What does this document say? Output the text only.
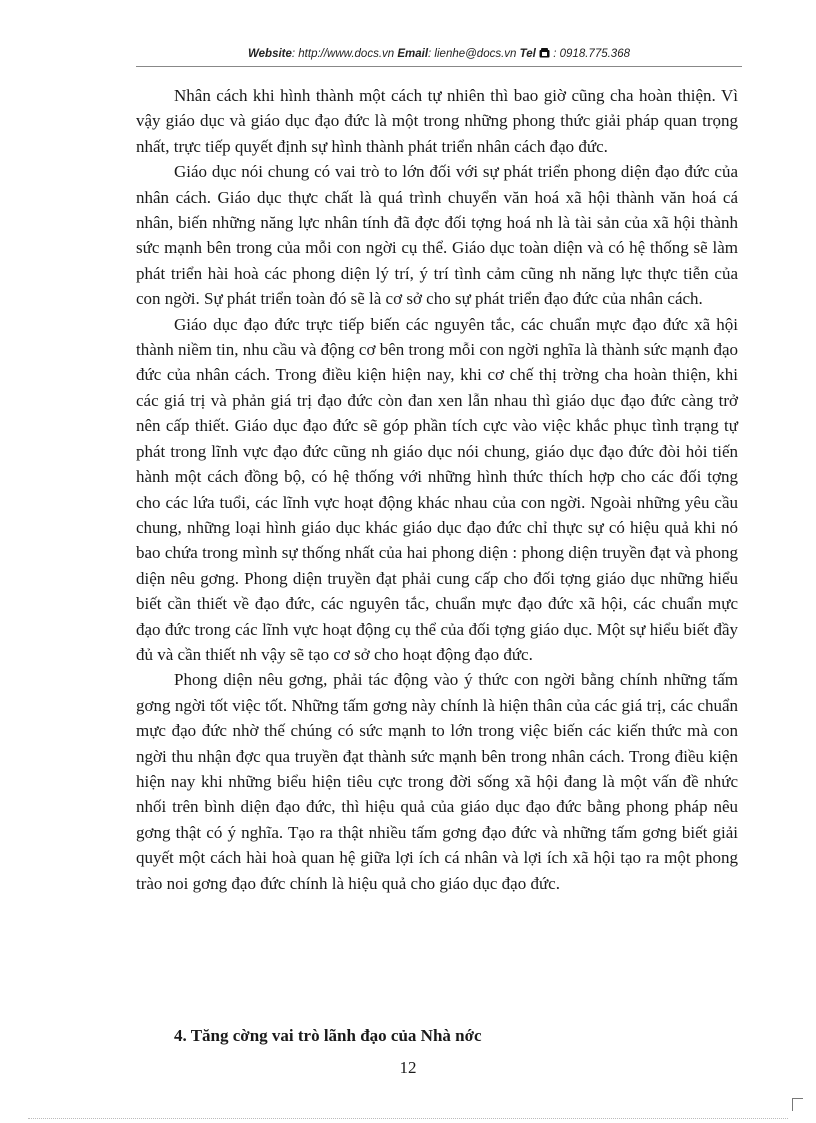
Website: http://www.docs.vn Email: lienhe@docs.vn Tel : 0918.775.368

Nhân cách khi hình thành một cách tự nhiên thì bao giờ cũng cha hoàn thiện. Vì vậy giáo dục và giáo dục đạo đức là một trong những phong thức giải pháp quan trọng nhất, trực tiếp quyết định sự hình thành phát triển nhân cách đạo đức.

Giáo dục nói chung có vai trò to lớn đối với sự phát triển phong diện đạo đức của nhân cách. Giáo dục thực chất là quá trình chuyển văn hoá xã hội thành văn hoá cá nhân, biến những năng lực nhân tính đã đợc đối tợng hoá nh là tài sản của xã hội thành sức mạnh bên trong của mỗi con ngời cụ thể. Giáo dục toàn diện và có hệ thống sẽ làm phát triển hài hoà các phong diện lý trí, ý trí tình cảm cũng nh năng lực thực tiễn của con ngời. Sự phát triển toàn đó sẽ là cơ sở cho sự phát triển đạo đức của nhân cách.

Giáo dục đạo đức trực tiếp biến các nguyên tắc, các chuẩn mực đạo đức xã hội thành niềm tin, nhu cầu và động cơ bên trong mỗi con ngời nghĩa là thành sức mạnh đạo đức của nhân cách. Trong điều kiện hiện nay, khi cơ chế thị trờng cha hoàn thiện, khi các giá trị và phản giá trị đạo đức còn đan xen lẫn nhau thì giáo dục đạo đức càng trở nên cấp thiết. Giáo dục đạo đức sẽ góp phần tích cực vào việc khắc phục tình trạng tự phát trong lĩnh vực đạo đức cũng nh giáo dục nói chung, giáo dục đạo đức đòi hỏi tiến hành một cách đồng bộ, có hệ thống với những hình thức thích hợp cho các đối tợng cho các lứa tuổi, các lĩnh vực hoạt động khác nhau của con ngời. Ngoài những yêu cầu chung, những loại hình giáo dục khác giáo dục đạo đức chỉ thực sự có hiệu quả khi nó bao chứa trong mình sự thống nhất của hai phong diện : phong diện truyền đạt và phong diện nêu gơng. Phong diện truyền đạt phải cung cấp cho đối tợng giáo dục những hiểu biết cần thiết về đạo đức, các nguyên tắc, chuẩn mực đạo đức xã hội, các chuẩn mực đạo đức trong các lĩnh vực hoạt động cụ thể của đối tợng giáo dục. Một sự hiểu biết đầy đủ và cần thiết nh vậy sẽ tạo cơ sở cho hoạt động đạo đức.

Phong diện nêu gơng, phải tác động vào ý thức con ngời bằng chính những tấm gơng ngời tốt việc tốt. Những tấm gơng này chính là hiện thân của các giá trị, các chuẩn mực đạo đức nhờ thế chúng có sức mạnh to lớn trong việc biến các kiến thức mà con ngời thu nhận đợc qua truyền đạt thành sức mạnh bên trong nhân cách. Trong điều kiện hiện nay khi những biểu hiện tiêu cực trong đời sống xã hội đang là một vấn đề nhức nhối trên bình diện đạo đức, thì hiệu quả của giáo dục đạo đức bằng phong pháp nêu gơng thật có ý nghĩa. Tạo ra thật nhiều tấm gơng đạo đức và những tấm gơng biết giải quyết một cách hài hoà quan hệ giữa lợi ích cá nhân và lợi ích xã hội tạo ra một phong trào noi gơng đạo đức chính là hiệu quả cho giáo dục đạo đức.

4. Tăng cờng vai trò lãnh đạo của Nhà nớc
12
